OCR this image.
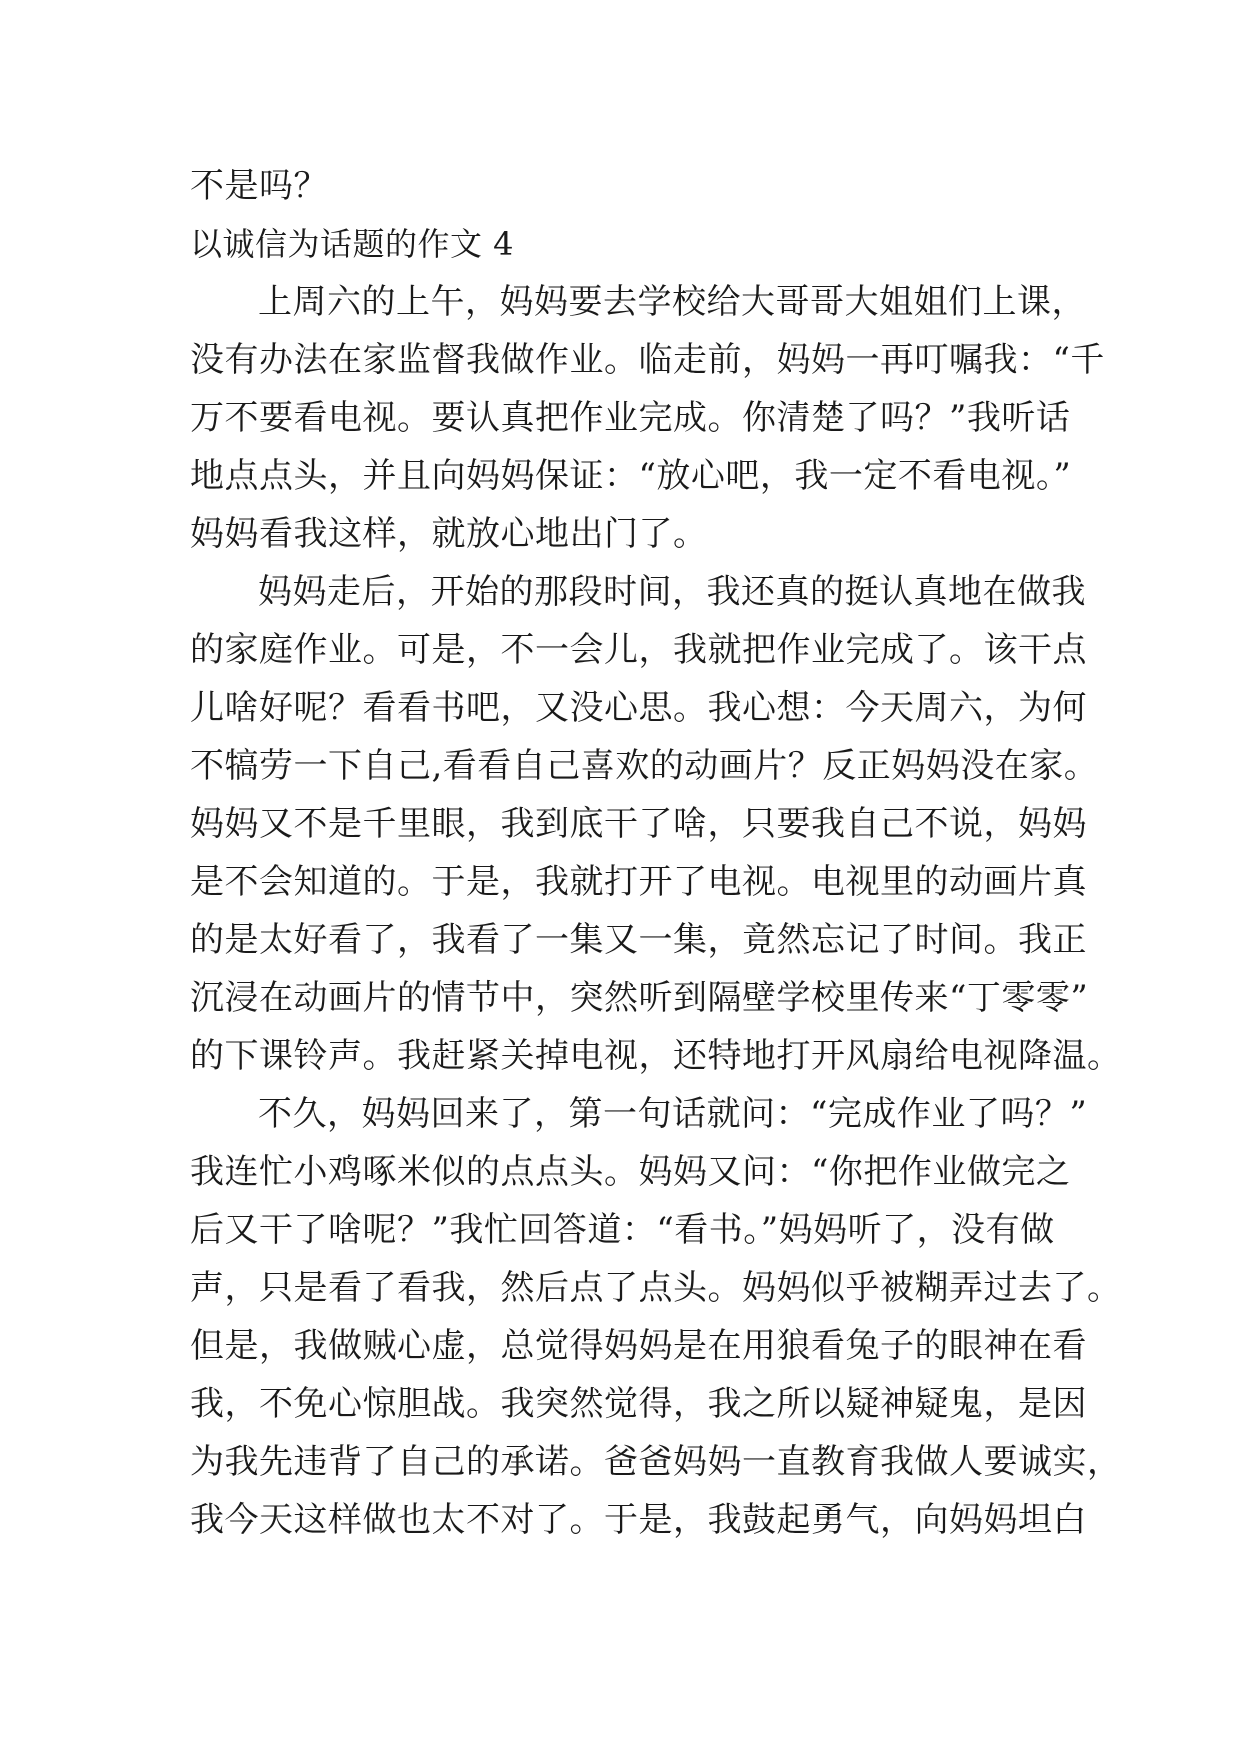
不是吗？

以诚信为话题的作文 4

上周六的上午，妈妈要去学校给大哥哥大姐姐们上课，

没有办法在家监督我做作业。临走前，妈妈一再叮嘱我：“千

万不要看电视。要认真把作业完成。你清楚了吗？”我听话

地点点头，并且向妈妈保证：“放心吧，我一定不看电视。”

妈妈看我这样，就放心地出门了。

妈妈走后，开始的那段时间，我还真的挺认真地在做我

的家庭作业。可是，不一会儿，我就把作业完成了。该干点

儿啥好呢？看看书吧，又没心思。我心想：今天周六，为何

不犒劳一下自己,看看自己喜欢的动画片？反正妈妈没在家。

妈妈又不是千里眼，我到底干了啥，只要我自己不说，妈妈

是不会知道的。于是，我就打开了电视。电视里的动画片真

的是太好看了，我看了一集又一集，竟然忘记了时间。我正

沉浸在动画片的情节中，突然听到隔壁学校里传来“丁零零”

的下课铃声。我赶紧关掉电视，还特地打开风扇给电视降温。

不久，妈妈回来了，第一句话就问：“完成作业了吗？”

我连忙小鸡啄米似的点点头。妈妈又问：“你把作业做完之

后又干了啥呢？”我忙回答道：“看书。”妈妈听了，没有做

声，只是看了看我，然后点了点头。妈妈似乎被糊弄过去了。

但是，我做贼心虚，总觉得妈妈是在用狼看兔子的眼神在看

我，不免心惊胆战。我突然觉得，我之所以疑神疑鬼，是因

为我先违背了自己的承诺。爸爸妈妈一直教育我做人要诚实，

我今天这样做也太不对了。于是，我鼓起勇气，向妈妈坦白
